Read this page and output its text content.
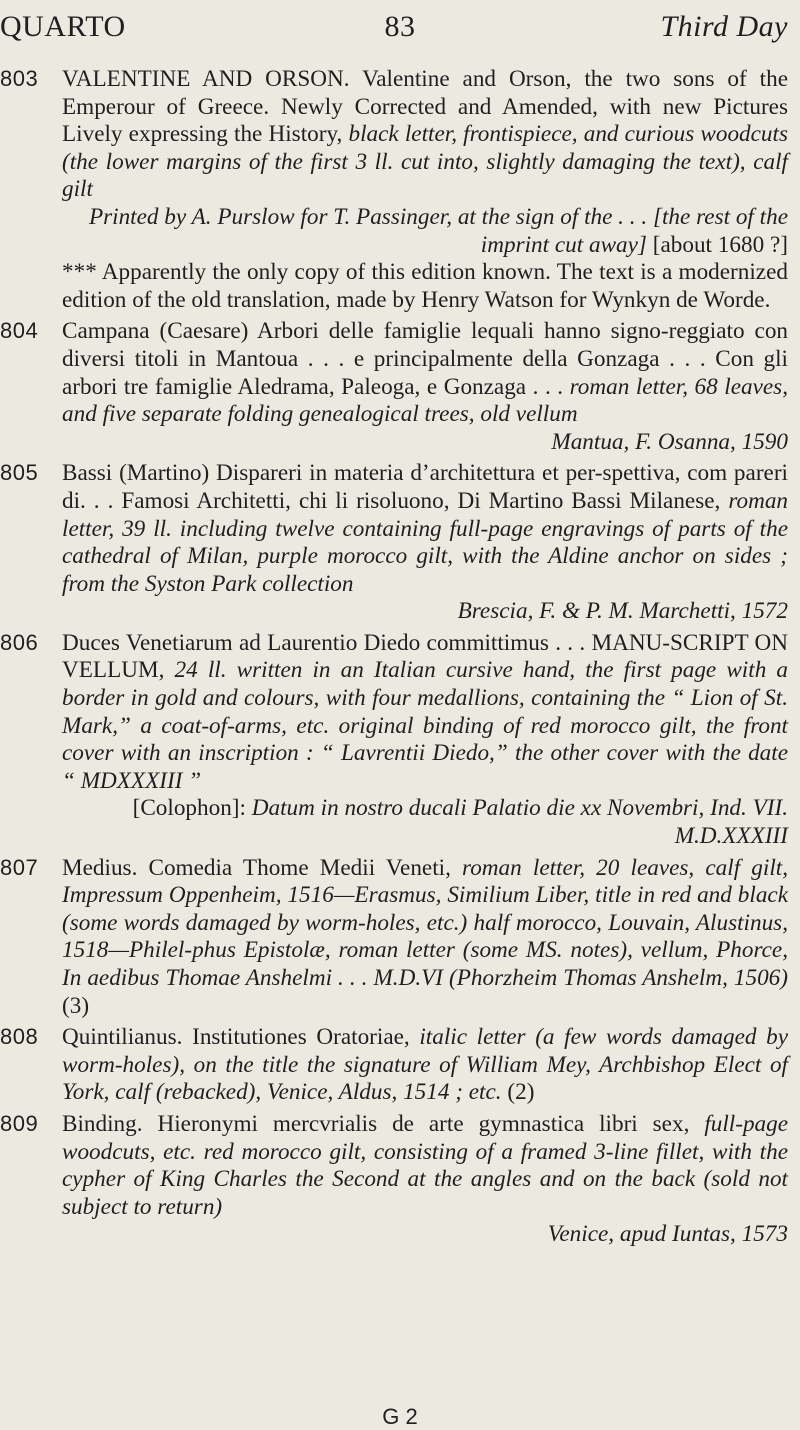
QUARTO	83	Third Day
803 VALENTINE AND ORSON. Valentine and Orson, the two sons of the Emperour of Greece. Newly Corrected and Amended, with new Pictures Lively expressing the History, black letter, frontispiece, and curious woodcuts (the lower margins of the first 3 ll. cut into, slightly damaging the text), calf gilt

Printed by A. Purslow for T. Passinger, at the sign of the . . . [the rest of the imprint cut away] [about 1680 ?]

*** Apparently the only copy of this edition known. The text is a modernized edition of the old translation, made by Henry Watson for Wynkyn de Worde.

804 Campana (Caesare) Arbori delle famiglie lequali hanno signo-reggiato con diversi titoli in Mantoua . . . e principalmente della Gonzaga . . . Con gli arbori tre famiglie Aledrama, Paleoga, e Gonzaga . . . roman letter, 68 leaves, and five separate folding genealogical trees, old vellum

Mantua, F. Osanna, 1590

805 Bassi (Martino) Dispareri in materia d’architettura et per-spettiva, com pareri di. . . Famosi Architetti, chi li risoluono, Di Martino Bassi Milanese, roman letter, 39 ll. including twelve containing full-page engravings of parts of the cathedral of Milan, purple morocco gilt, with the Aldine anchor on sides ; from the Syston Park collection

Brescia, F. & P. M. Marchetti, 1572

806 Duces Venetiarum ad Laurentio Diedo committimus . . . MANU-SCRIPT ON VELLUM, 24 ll. written in an Italian cursive hand, the first page with a border in gold and colours, with four medallions, containing the “ Lion of St. Mark,” a coat-of-arms, etc. original binding of red morocco gilt, the front cover with an inscription : “ Lavrentii Diedo,” the other cover with the date “ MDXXXIII ”

[Colophon]: Datum in nostro ducali Palatio die xx Novembri, Ind. VII. M.D.XXXIII

807 Medius. Comedia Thome Medii Veneti, roman letter, 20 leaves, calf gilt, Impressum Oppenheim, 1516—Erasmus, Similium Liber, title in red and black (some words damaged by worm-holes, etc.) half morocco, Louvain, Alustinus, 1518—Philel-phus Epistolæ, roman letter (some MS. notes), vellum, Phorce, In aedibus Thomae Anshelmi . . . M.D.VI (Phorzheim Thomas Anshelm, 1506) (3)

808 Quintilianus. Institutiones Oratoriae, italic letter (a few words damaged by worm-holes), on the title the signature of William Mey, Archbishop Elect of York, calf (rebacked), Venice, Aldus, 1514 ; etc. (2)

809 Binding. Hieronymi mercvrialis de arte gymnastica libri sex, full-page woodcuts, etc. red morocco gilt, consisting of a framed 3-line fillet, with the cypher of King Charles the Second at the angles and on the back (sold not subject to return)

Venice, apud Iuntas, 1573

G 2
